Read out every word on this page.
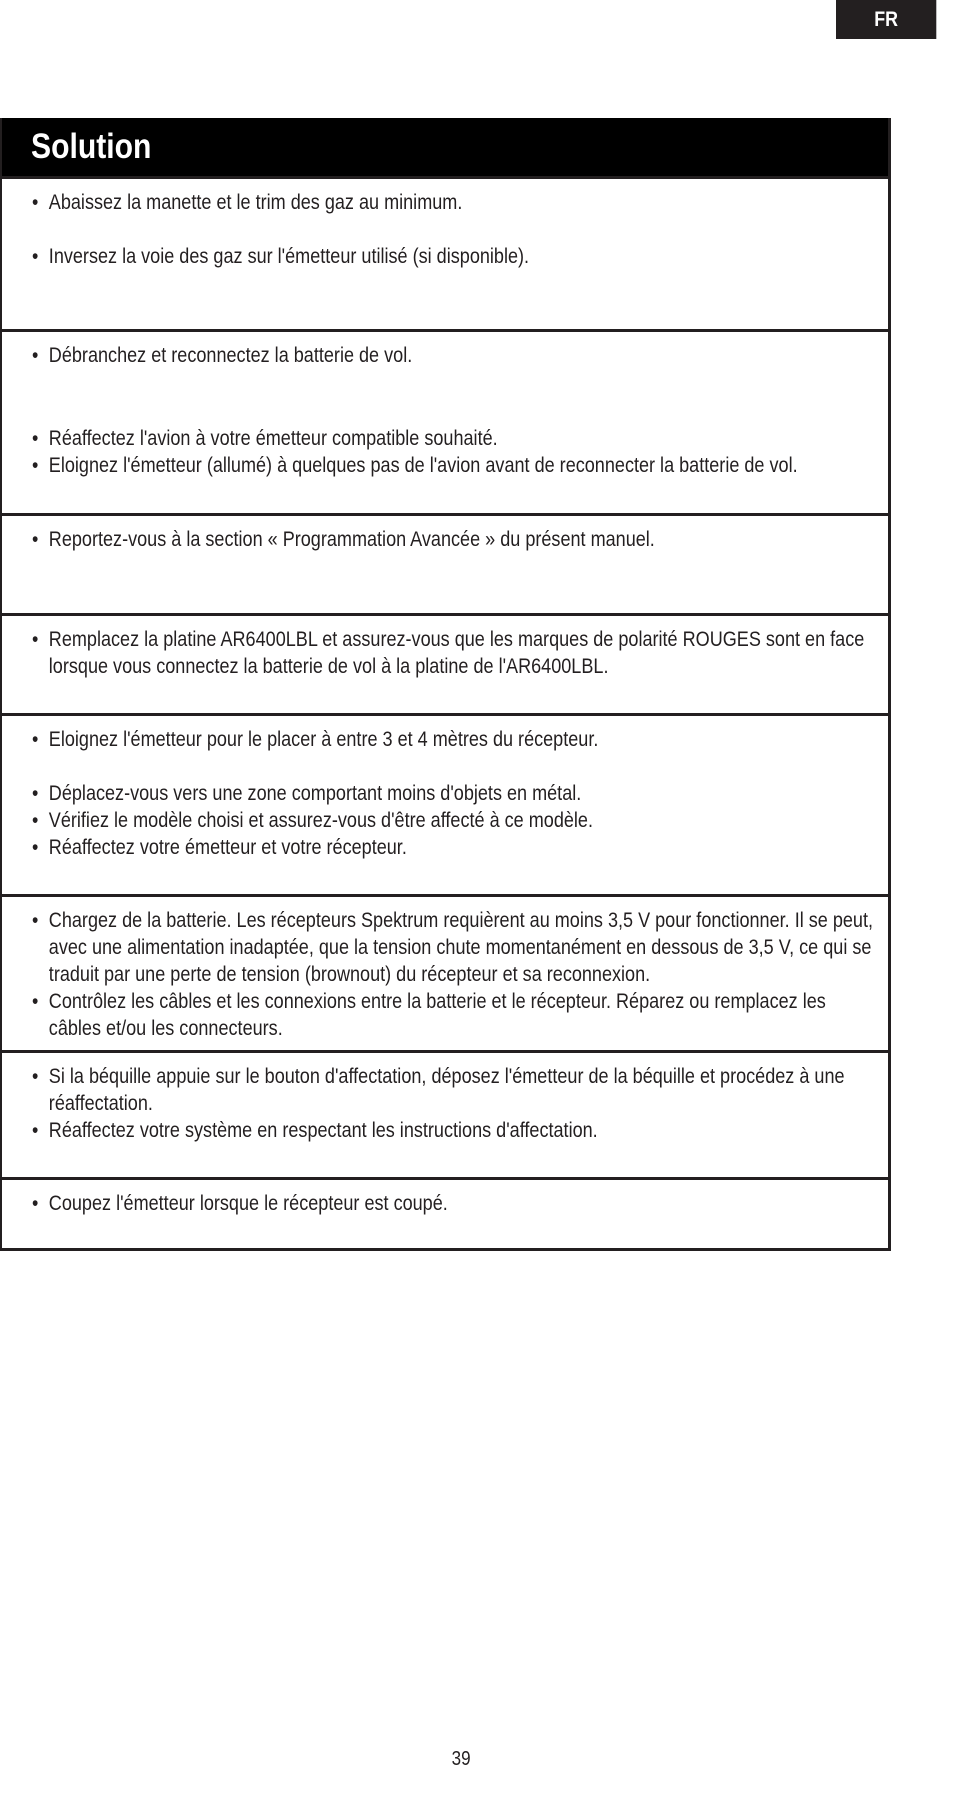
FR
Solution
• Abaissez la manette et le trim des gaz au minimum.
• Inversez la voie des gaz sur l'émetteur utilisé (si disponible).
• Débranchez et reconnectez la batterie de vol.
• Réaffectez l'avion à votre émetteur compatible souhaité.
• Eloignez l'émetteur (allumé) à quelques pas de l'avion avant de reconnecter la batterie de vol.
• Reportez-vous à la section « Programmation Avancée » du présent manuel.
• Remplacez la platine AR6400LBL et assurez-vous que les marques de polarité ROUGES sont en face lorsque vous connectez la batterie de vol à la platine de l'AR6400LBL.
• Eloignez l'émetteur pour le placer à entre 3 et 4 mètres du récepteur.
• Déplacez-vous vers une zone comportant moins d'objets en métal.
• Vérifiez le modèle choisi et assurez-vous d'être affecté à ce modèle.
• Réaffectez votre émetteur et votre récepteur.
• Chargez de la batterie. Les récepteurs Spektrum requièrent au moins 3,5 V pour fonctionner. Il se peut, avec une alimentation inadaptée, que la tension chute momentanément en dessous de 3,5 V, ce qui se traduit par une perte de tension (brownout) du récepteur et sa reconnexion.
• Contrôlez les câbles et les connexions entre la batterie et le récepteur. Réparez ou remplacez les câbles et/ou les connecteurs.
• Si la béquille appuie sur le bouton d'affectation, déposez l'émetteur de la béquille et procédez à une réaffectation.
• Réaffectez votre système en respectant les instructions d'affectation.
• Coupez l'émetteur lorsque le récepteur est coupé.
39
